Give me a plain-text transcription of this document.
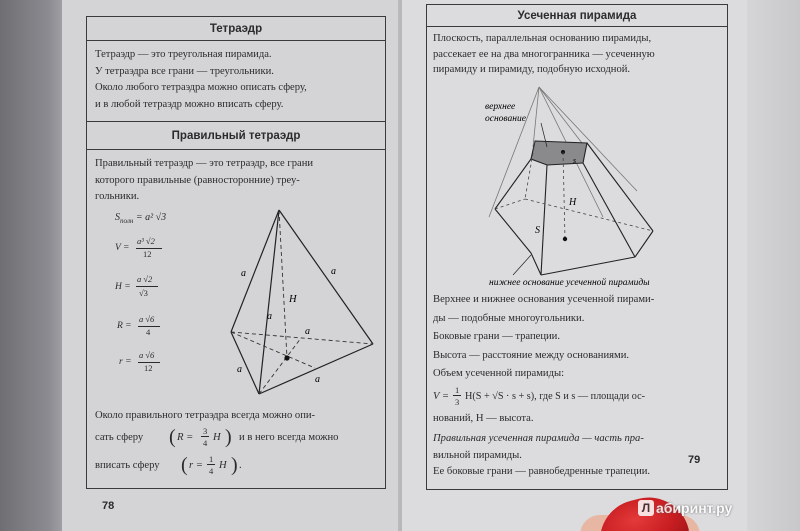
Тетраэдр
Тетраэдр — это треугольная пирамида.
У тетраэдра все грани — треугольники.
Около любого тетраэдра можно описать сферу,
и в любой тетраэдр можно вписать сферу.
Правильный тетраэдр
Правильный тетраэдр — это тетраэдр, все грани
которого правильные (равносторонние) треу-
гольники.
$S_{полн} = a^2$ √3
V =
a³ √2
12
H =
a √2
√3
R =
a √6
4
r =
a √6
12
a	a
a
H
a
a
a
Около правильного тетраэдра всегда можно опи-
сать сферу ( R =
3
4 H ) и в него всегда можно
вписать сферу ( r =
1
4 H ) .
78
Усеченная пирамида
Плоскость, параллельная основанию пирамиды,
рассекает ее на два многогранника — усеченную
пирамиду и пирамиду, подобную исходной.
верхнее
основание
s
H
S
нижнее основание усеченной пирамиды
Верхнее и нижнее основания усеченной пирами-
ды — подобные многоугольники.
Боковые грани — трапеции.
Высота — расстояние между основаниями.
Объем усеченной пирамиды:
V =
1
3 H(S + √S · s + s), где S и s — площади ос-
нований, H — высота.
Правильная усеченная пирамида — часть пра-
вильной пирамиды.
Ее боковые грани — равнобедренные трапеции.
79
Л абиринт.ру
